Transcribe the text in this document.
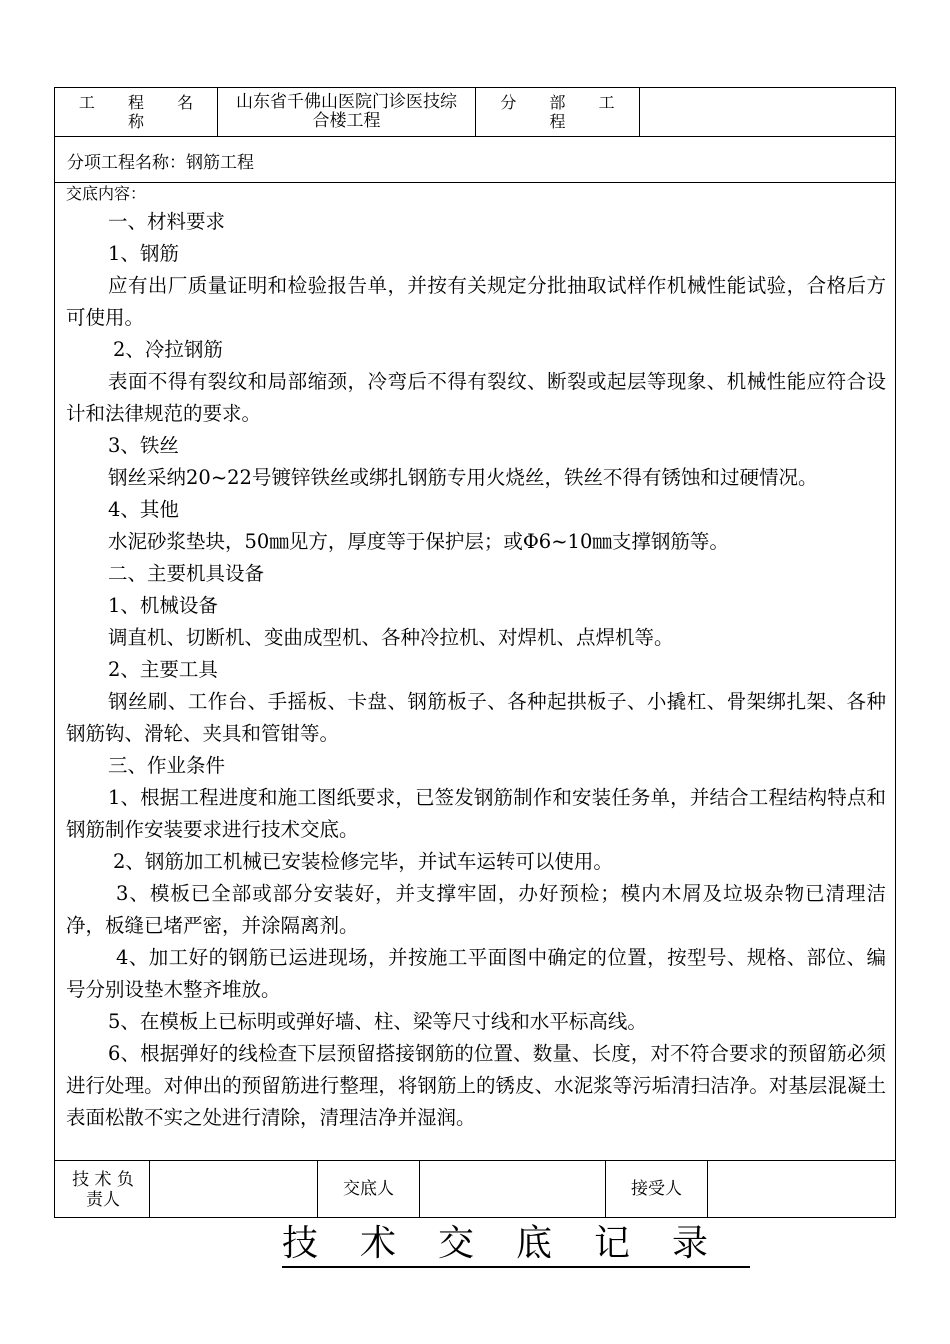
工 程 名 称
山东省千佛山医院门诊医技综合楼工程
分 部 工 程
分项工程名称：钢筋工程
交底内容：

一、材料要求

1、钢筋

应有出厂质量证明和检验报告单，并按有关规定分批抽取试样作机械性能试验，合格后方可使用。

2、冷拉钢筋

表面不得有裂纹和局部缩颈，冷弯后不得有裂纹、断裂或起层等现象、机械性能应符合设计和法律规范的要求。

3、铁丝

钢丝采纳20~22号镀锌铁丝或绑扎钢筋专用火烧丝，铁丝不得有锈蚀和过硬情况。

4、其他

水泥砂浆垫块，50㎜见方，厚度等于保护层；或Φ6~10㎜支撑钢筋等。

二、主要机具设备

1、机械设备

调直机、切断机、变曲成型机、各种冷拉机、对焊机、点焊机等。

2、主要工具

钢丝刷、工作台、手摇板、卡盘、钢筋板子、各种起拱板子、小撬杠、骨架绑扎架、各种钢筋钩、滑轮、夹具和管钳等。

三、作业条件

1、根据工程进度和施工图纸要求，已签发钢筋制作和安装任务单，并结合工程结构特点和钢筋制作安装要求进行技术交底。

2、钢筋加工机械已安装检修完毕，并试车运转可以使用。

3、模板已全部或部分安装好，并支撑牢固，办好预检；模内木屑及垃圾杂物已清理洁净，板缝已堵严密，并涂隔离剂。

4、加工好的钢筋已运进现场，并按施工平面图中确定的位置，按型号、规格、部位、编号分别设垫木整齐堆放。

5、在模板上已标明或弹好墙、柱、梁等尺寸线和水平标高线。

6、根据弹好的线检查下层预留搭接钢筋的位置、数量、长度，对不符合要求的预留筋必须进行处理。对伸出的预留筋进行整理，将钢筋上的锈皮、水泥浆等污垢清扫洁净。对基层混凝土表面松散不实之处进行清除，清理洁净并湿润。

技 术 负责人
交底人	接受人
技术交底记录
